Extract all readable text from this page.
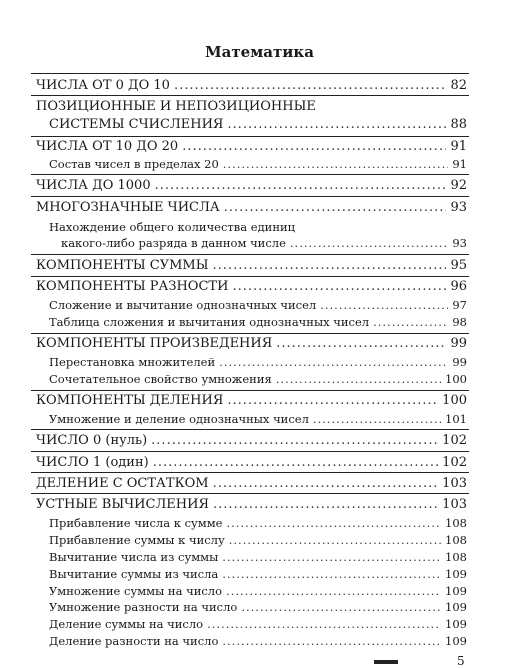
Математика
ЧИСЛА ОТ 0 ДО 10 .....	82
ПОЗИЦИОННЫЕ И НЕПОЗИЦИОННЫЕ
СИСТЕМЫ СЧИСЛЕНИЯ .....	88
ЧИСЛА ОТ 10 ДО 20 .....	91
Состав чисел в пределах 20 .....	91
ЧИСЛА ДО 1000 .....	92
МНОГОЗНАЧНЫЕ ЧИСЛА .....	93
Нахождение общего количества единиц
какого-либо разряда в данном числе .....	93
КОМПОНЕНТЫ СУММЫ .....	95
КОМПОНЕНТЫ РАЗНОСТИ .....	96
Сложение и вычитание однозначных чисел .....	97
Таблица сложения и вычитания однозначных чисел .....	98
КОМПОНЕНТЫ ПРОИЗВЕДЕНИЯ .....	99
Перестановка множителей .....	99
Сочетательное свойство умножения .....	100
КОМПОНЕНТЫ ДЕЛЕНИЯ .....	100
Умножение и деление однозначных чисел .....	101
ЧИСЛО 0 (нуль) .....	102
ЧИСЛО 1 (один) .....	102
ДЕЛЕНИЕ С ОСТАТКОМ .....	103
УСТНЫЕ ВЫЧИСЛЕНИЯ .....	103
Прибавление числа к сумме .....	108
Прибавление суммы к числу .....	108
Вычитание числа из суммы .....	108
Вычитание суммы из числа .....	109
Умножение суммы на число .....	109
Умножение разности на число .....	109
Деление суммы на число .....	109
Деление разности на число .....	109
5
